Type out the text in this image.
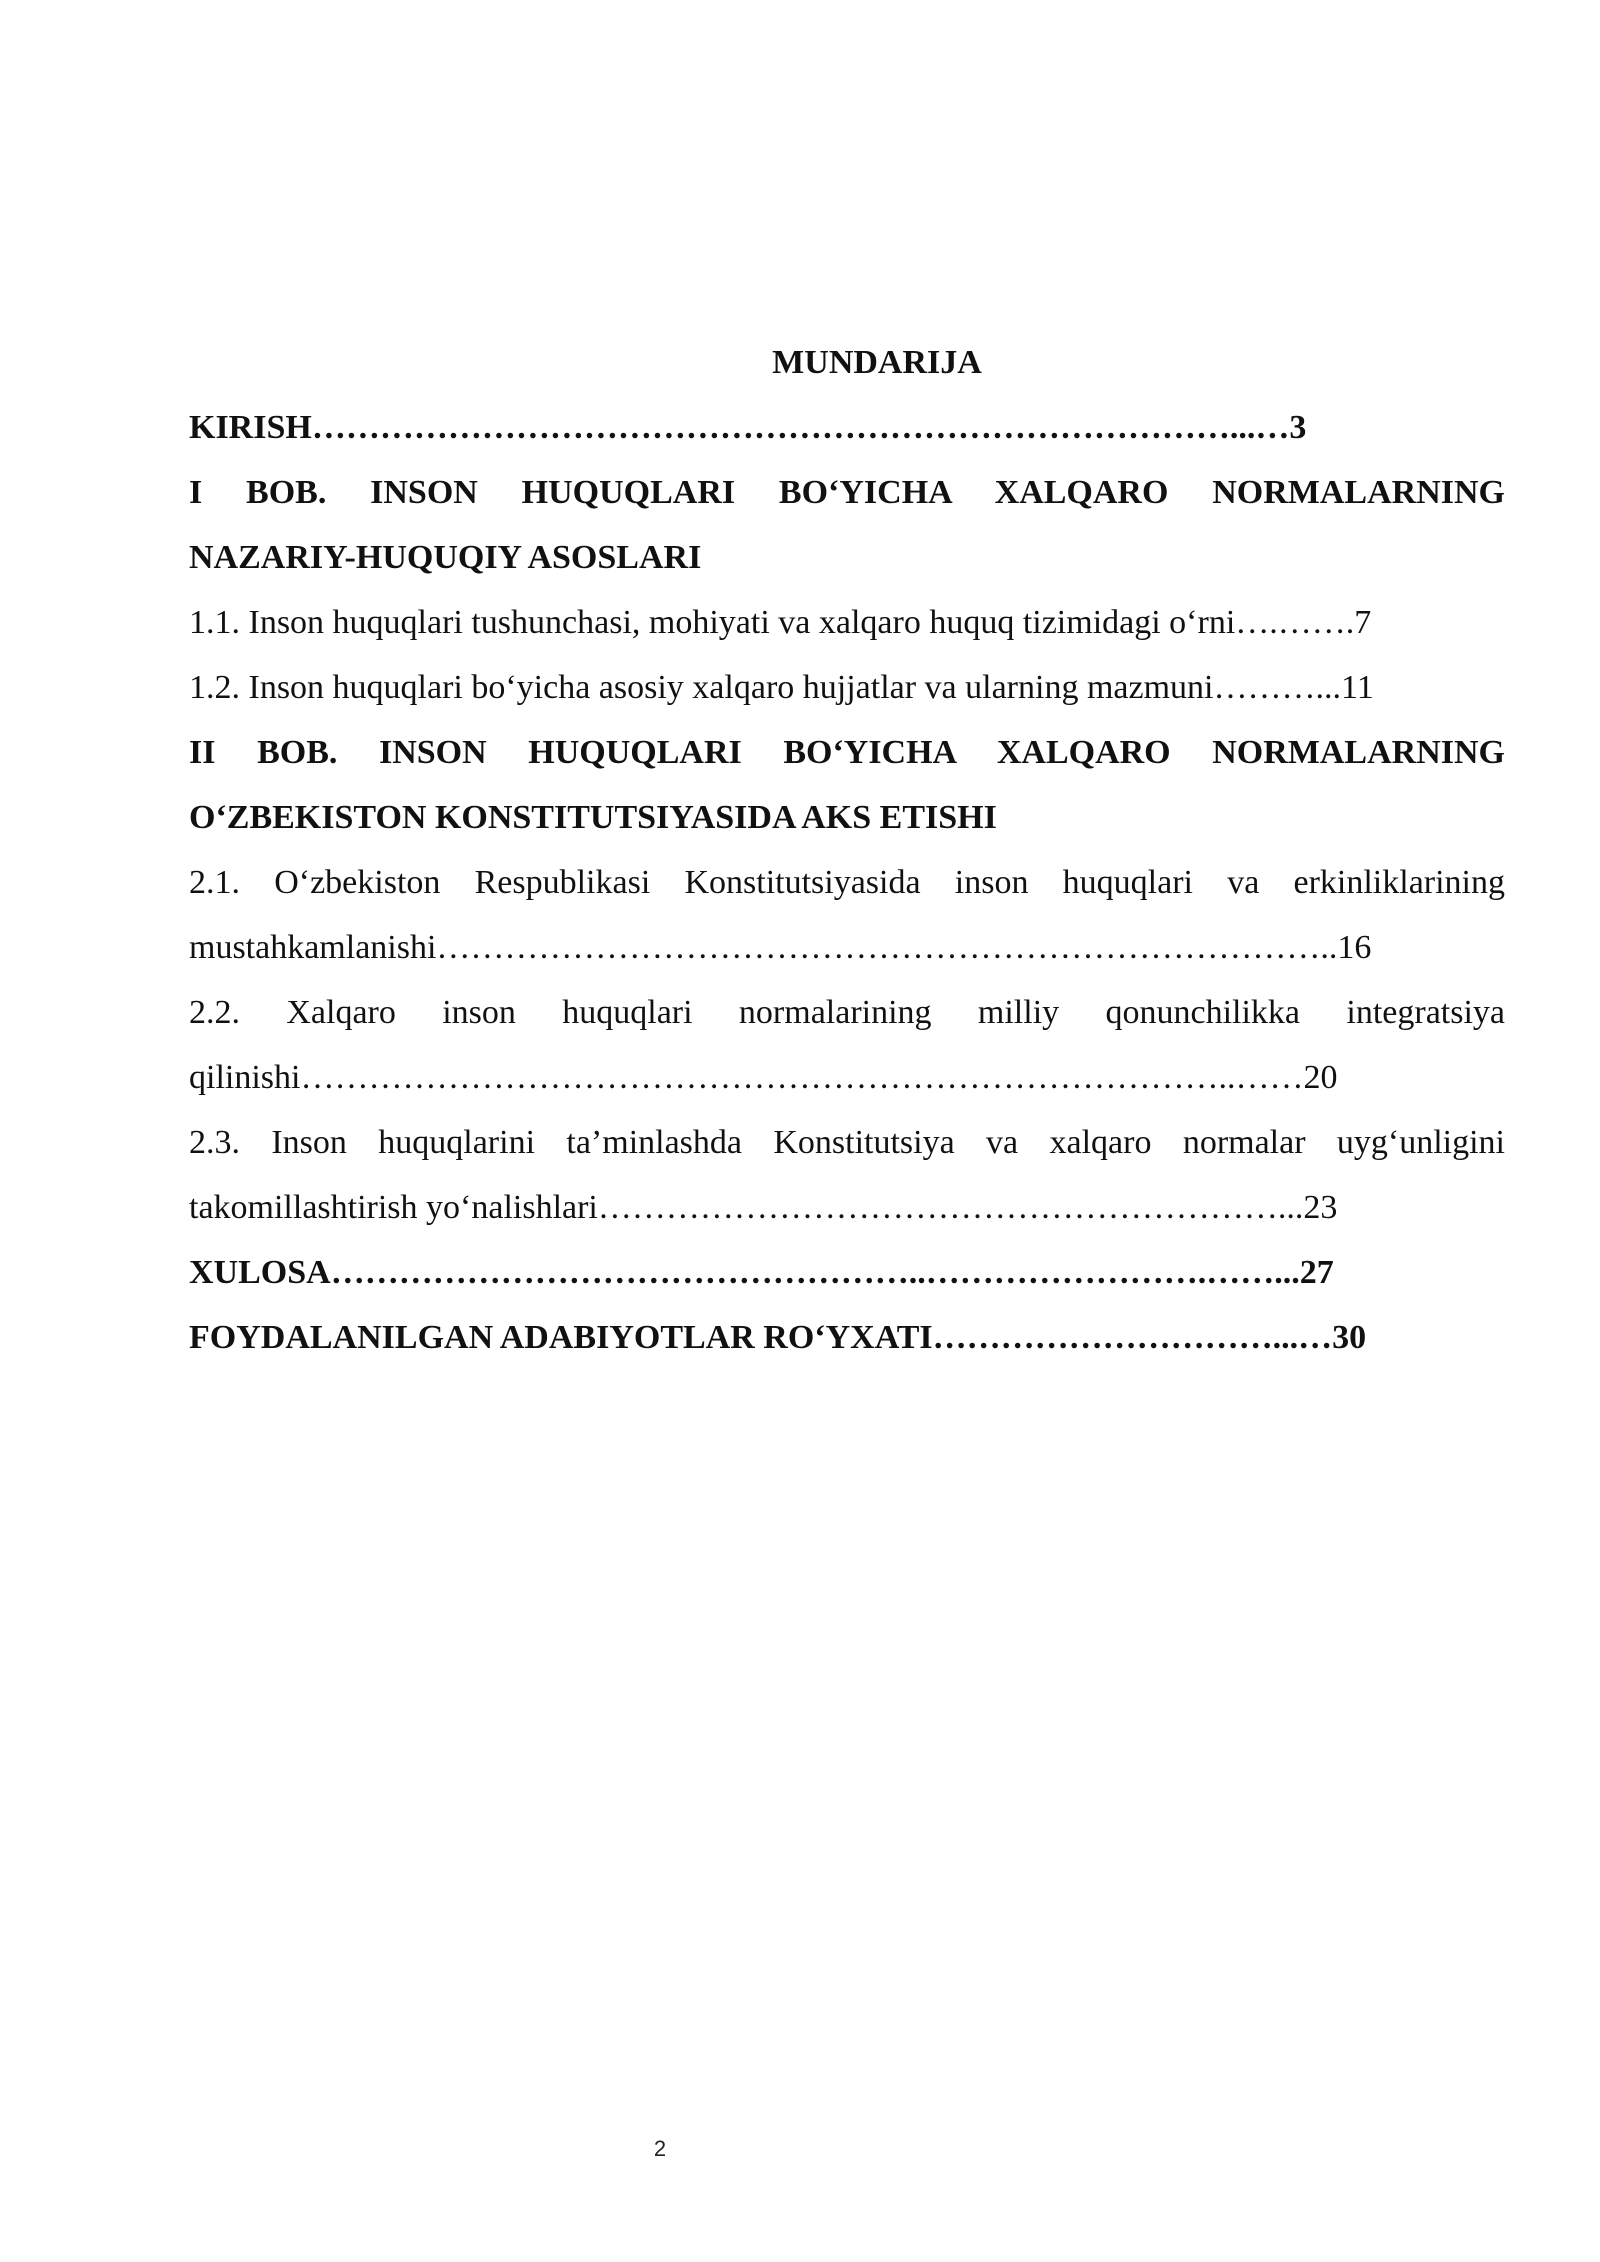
MUNDARIJA

KIRISH………………………………………………………………………...…3

I BOB. INSON HUQUQLARI BO‘YICHA XALQARO NORMALARNING

NAZARIY-HUQUQIY ASOSLARI

1.1. Inson huquqlari tushunchasi, mohiyati va xalqaro huquq tizimidagi o‘rni….…….7

1.2. Inson huquqlari bo‘yicha asosiy xalqaro hujjatlar va ularning mazmuni………...11

II BOB. INSON HUQUQLARI BO‘YICHA XALQARO NORMALARNING

O‘ZBEKISTON KONSTITUTSIYASIDA AKS ETISHI

2.1. O‘zbekiston Respublikasi Konstitutsiyasida inson huquqlari va erkinliklarining

mustahkamlanishi……………………………………………………………………..16

2.2. Xalqaro inson huquqlari normalarining milliy qonunchilikka integratsiya

qilinishi………………………………………………………………………..……20

2.3. Inson huquqlarini ta’minlashda Konstitutsiya va xalqaro normalar uyg‘unligini

takomillashtirish yo‘nalishlari……………………………………………………...23

XULOSA……………………………………………..…………………….……...27

FOYDALANILGAN ADABIYOTLAR RO‘YXATI…………………………...…30

2
